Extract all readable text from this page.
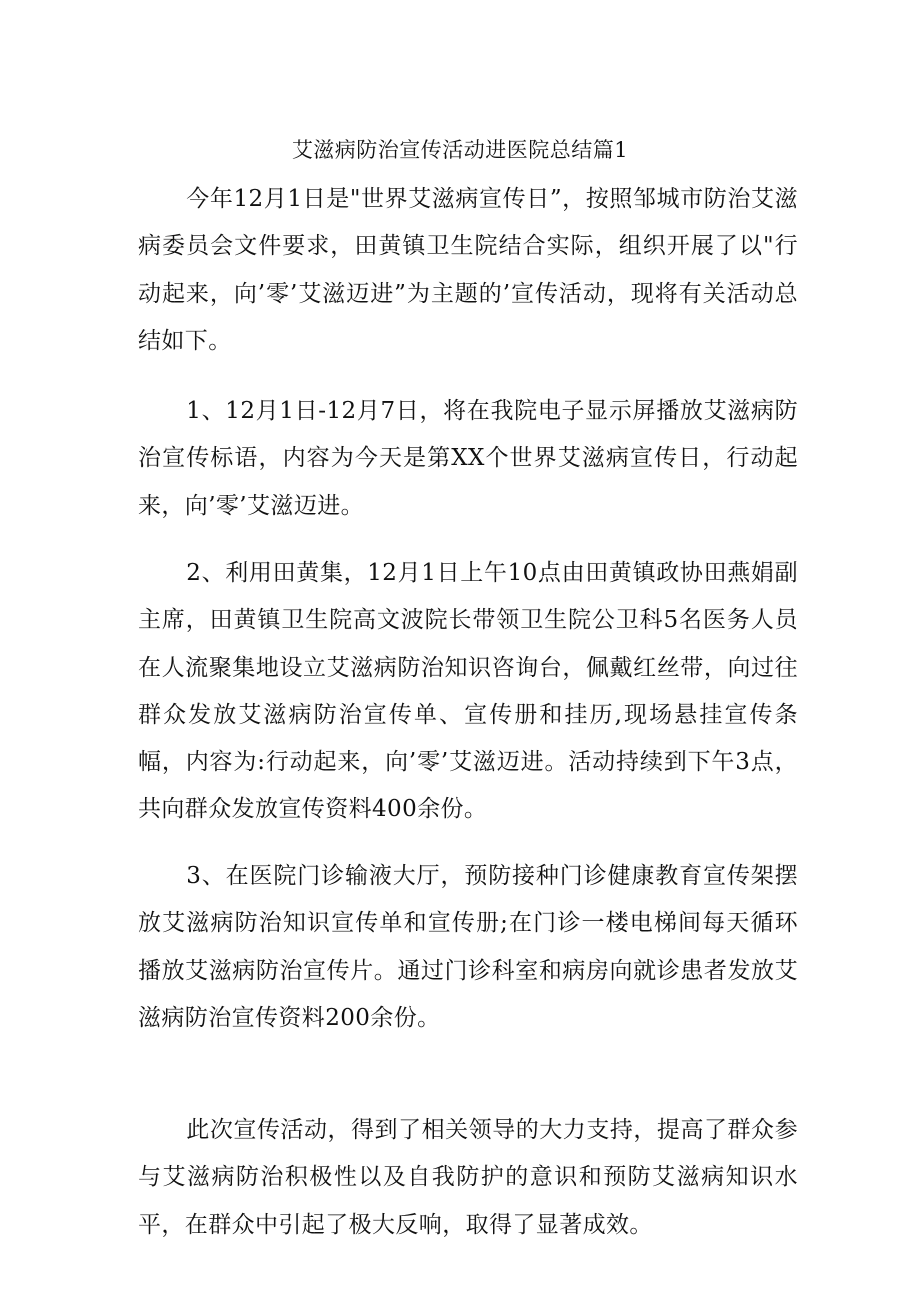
艾滋病防治宣传活动进医院总结篇1

今年12月1日是"世界艾滋病宣传日”，按照邹城市防治艾滋病委员会文件要求，田黄镇卫生院结合实际，组织开展了以"行动起来，向’零’艾滋迈进”为主题的’宣传活动，现将有关活动总结如下。

1、12月1日-12月7日，将在我院电子显示屏播放艾滋病防治宣传标语，内容为今天是第XX个世界艾滋病宣传日，行动起来，向’零’艾滋迈进。

2、利用田黄集，12月1日上午10点由田黄镇政协田燕娟副主席，田黄镇卫生院高文波院长带领卫生院公卫科5名医务人员在人流聚集地设立艾滋病防治知识咨询台，佩戴红丝带，向过往群众发放艾滋病防治宣传单、宣传册和挂历,现场悬挂宣传条幅，内容为:行动起来，向’零’艾滋迈进。活动持续到下午3点，共向群众发放宣传资料400余份。

3、在医院门诊输液大厅，预防接种门诊健康教育宣传架摆放艾滋病防治知识宣传单和宣传册;在门诊一楼电梯间每天循环播放艾滋病防治宣传片。通过门诊科室和病房向就诊患者发放艾滋病防治宣传资料200余份。

此次宣传活动，得到了相关领导的大力支持，提高了群众参与艾滋病防治积极性以及自我防护的意识和预防艾滋病知识水平，在群众中引起了极大反响，取得了显著成效。
